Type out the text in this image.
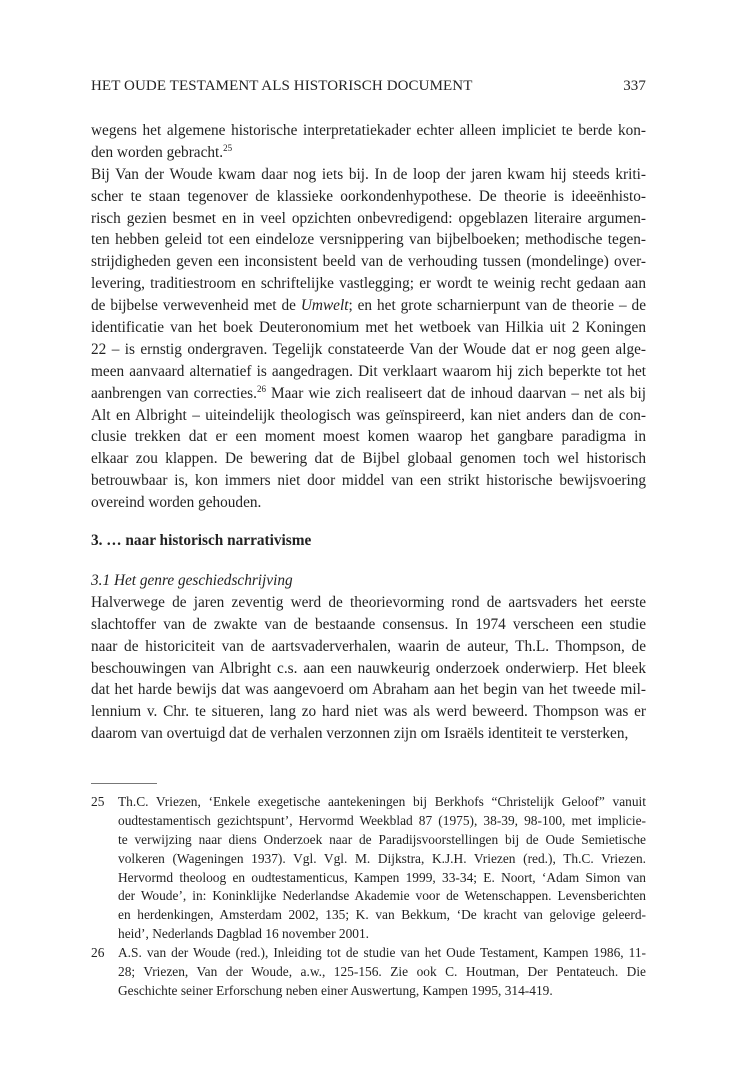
HET OUDE TESTAMENT ALS HISTORISCH DOCUMENT	337
wegens het algemene historische interpretatiekader echter alleen impliciet te berde kon-
den worden gebracht.$^{25}$
Bij Van der Woude kwam daar nog iets bij. In de loop der jaren kwam hij steeds kriti-
scher te staan tegenover de klassieke oorkondenhypothese. De theorie is ideeënhisto-
risch gezien besmet en in veel opzichten onbevredigend: opgeblazen literaire argumen-
ten hebben geleid tot een eindeloze versnippering van bijbelboeken; methodische tegen-
strijdigheden geven een inconsistent beeld van de verhouding tussen (mondelinge) over-
levering, traditiestroom en schriftelijke vastlegging; er wordt te weinig recht gedaan aan
de bijbelse verwevenheid met de Umwelt; en het grote scharnierpunt van de theorie – de
identificatie van het boek Deuteronomium met het wetboek van Hilkia uit 2 Koningen
22 – is ernstig ondergraven. Tegelijk constateerde Van der Woude dat er nog geen alge-
meen aanvaard alternatief is aangedragen. Dit verklaart waarom hij zich beperkte tot het
aanbrengen van correcties.$^{26}$ Maar wie zich realiseert dat de inhoud daarvan – net als bij
Alt en Albright – uiteindelijk theologisch was geïnspireerd, kan niet anders dan de con-
clusie trekken dat er een moment moest komen waarop het gangbare paradigma in
elkaar zou klappen. De bewering dat de Bijbel globaal genomen toch wel historisch
betrouwbaar is, kon immers niet door middel van een strikt historische bewijsvoering
overeind worden gehouden.
3. … naar historisch narrativisme
3.1 Het genre geschiedschrijving
Halverwege de jaren zeventig werd de theorievorming rond de aartsvaders het eerste
slachtoffer van de zwakte van de bestaande consensus. In 1974 verscheen een studie
naar de historiciteit van de aartsvaderverhalen, waarin de auteur, Th.L. Thompson, de
beschouwingen van Albright c.s. aan een nauwkeurig onderzoek onderwierp. Het bleek
dat het harde bewijs dat was aangevoerd om Abraham aan het begin van het tweede mil-
lennium v. Chr. te situeren, lang zo hard niet was als werd beweerd. Thompson was er
daarom van overtuigd dat de verhalen verzonnen zijn om Israëls identiteit te versterken,
25 Th.C. Vriezen, ‘Enkele exegetische aantekeningen bij Berkhofs “Christelijk Geloof” vanuit
oudtestamentisch gezichtspunt’, Hervormd Weekblad 87 (1975), 38-39, 98-100, met implicie-
te verwijzing naar diens Onderzoek naar de Paradijsvoorstellingen bij de Oude Semietische
volkeren (Wageningen 1937). Vgl. Vgl. M. Dijkstra, K.J.H. Vriezen (red.), Th.C. Vriezen.
Hervormd theoloog en oudtestamenticus, Kampen 1999, 33-34; E. Noort, ‘Adam Simon van
der Woude’, in: Koninklijke Nederlandse Akademie voor de Wetenschappen. Levensberichten
en herdenkingen, Amsterdam 2002, 135; K. van Bekkum, ‘De kracht van gelovige geleerd-
heid’, Nederlands Dagblad 16 november 2001.
26 A.S. van der Woude (red.), Inleiding tot de studie van het Oude Testament, Kampen 1986, 11-
28; Vriezen, Van der Woude, a.w., 125-156. Zie ook C. Houtman, Der Pentateuch. Die
Geschichte seiner Erforschung neben einer Auswertung, Kampen 1995, 314-419.
